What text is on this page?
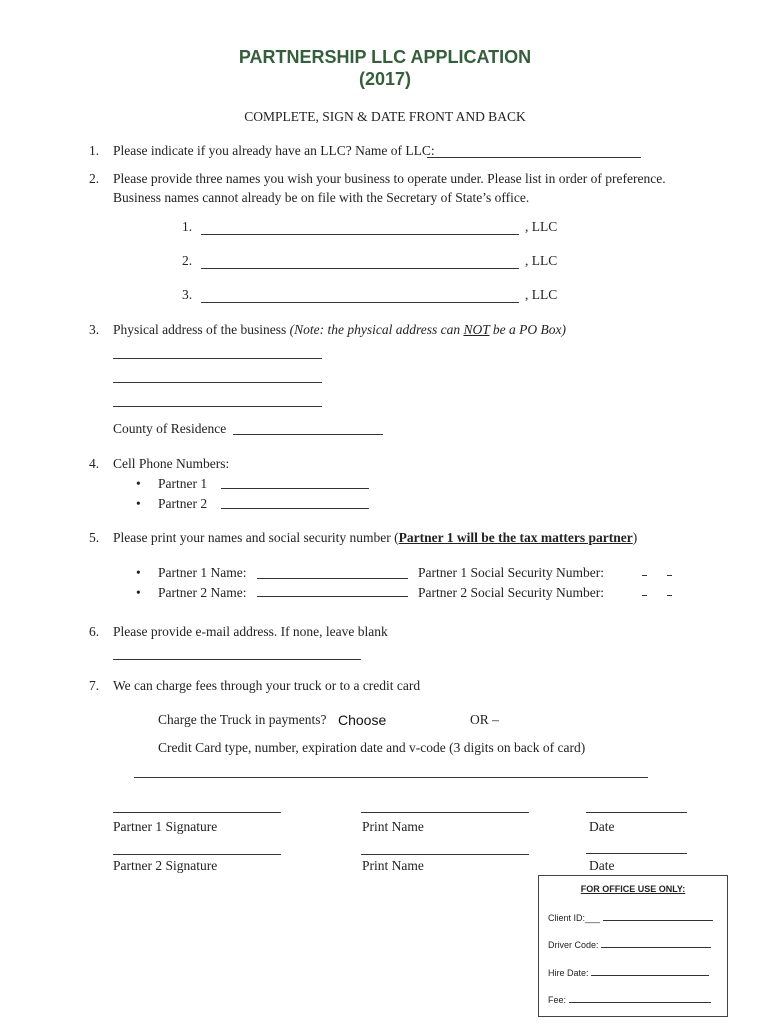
PARTNERSHIP LLC APPLICATION
(2017)
COMPLETE, SIGN & DATE FRONT AND BACK
1. Please indicate if you already have an LLC? Name of LLC:
2. Please provide three names you wish your business to operate under. Please list in order of preference.
Business names cannot already be on file with the Secretary of State’s office.
1.	, LLC
2.	, LLC
3.	, LLC
3. Physical address of the business (Note: the physical address can NOT be a PO Box)
County of Residence
4. Cell Phone Numbers:
• Partner 1
• Partner 2
5. Please print your names and social security number (Partner 1 will be the tax matters partner)
• Partner 1 Name:	Partner 1 Social Security Number:
• Partner 2 Name:	Partner 2 Social Security Number:
6. Please provide e-mail address. If none, leave blank
7. We can charge fees through your truck or to a credit card
Charge the Truck in payments? Choose	OR –
Credit Card type, number, expiration date and v-code (3 digits on back of card)
Partner 1 Signature	Print Name	Date
Partner 2 Signature	Print Name	Date
FOR OFFICE USE ONLY:
Client ID:___
Driver Code:
Hire Date:
Fee:
